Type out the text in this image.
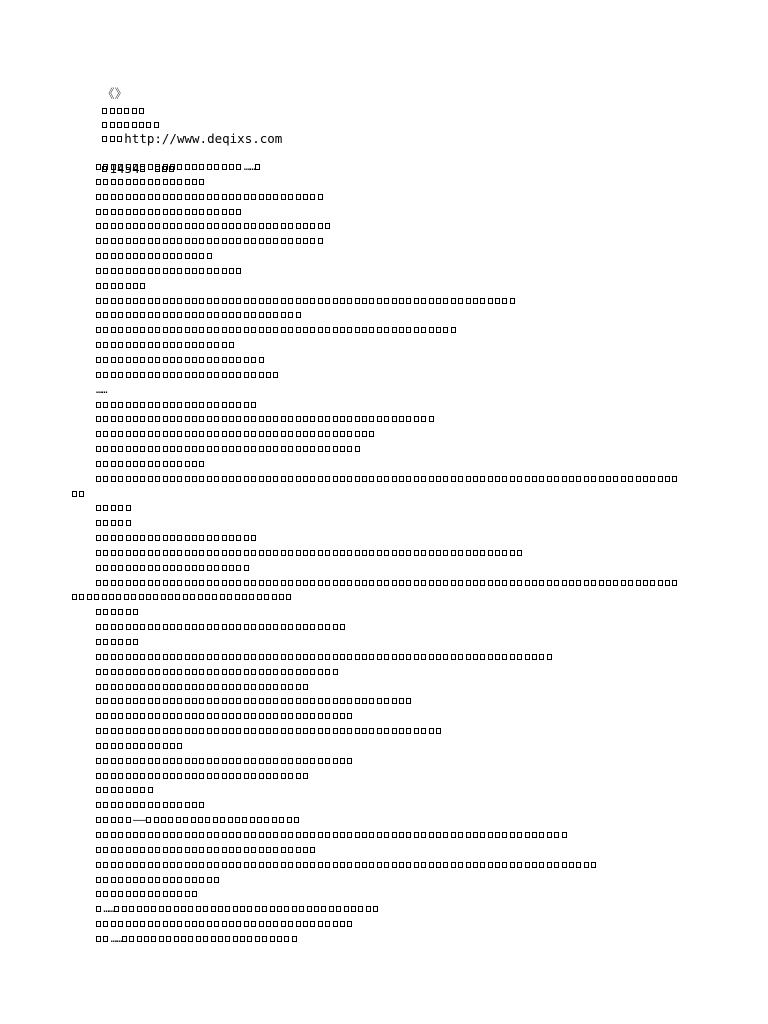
《》

http://www.deqixs.com

1454
	……
……
——
……
……
